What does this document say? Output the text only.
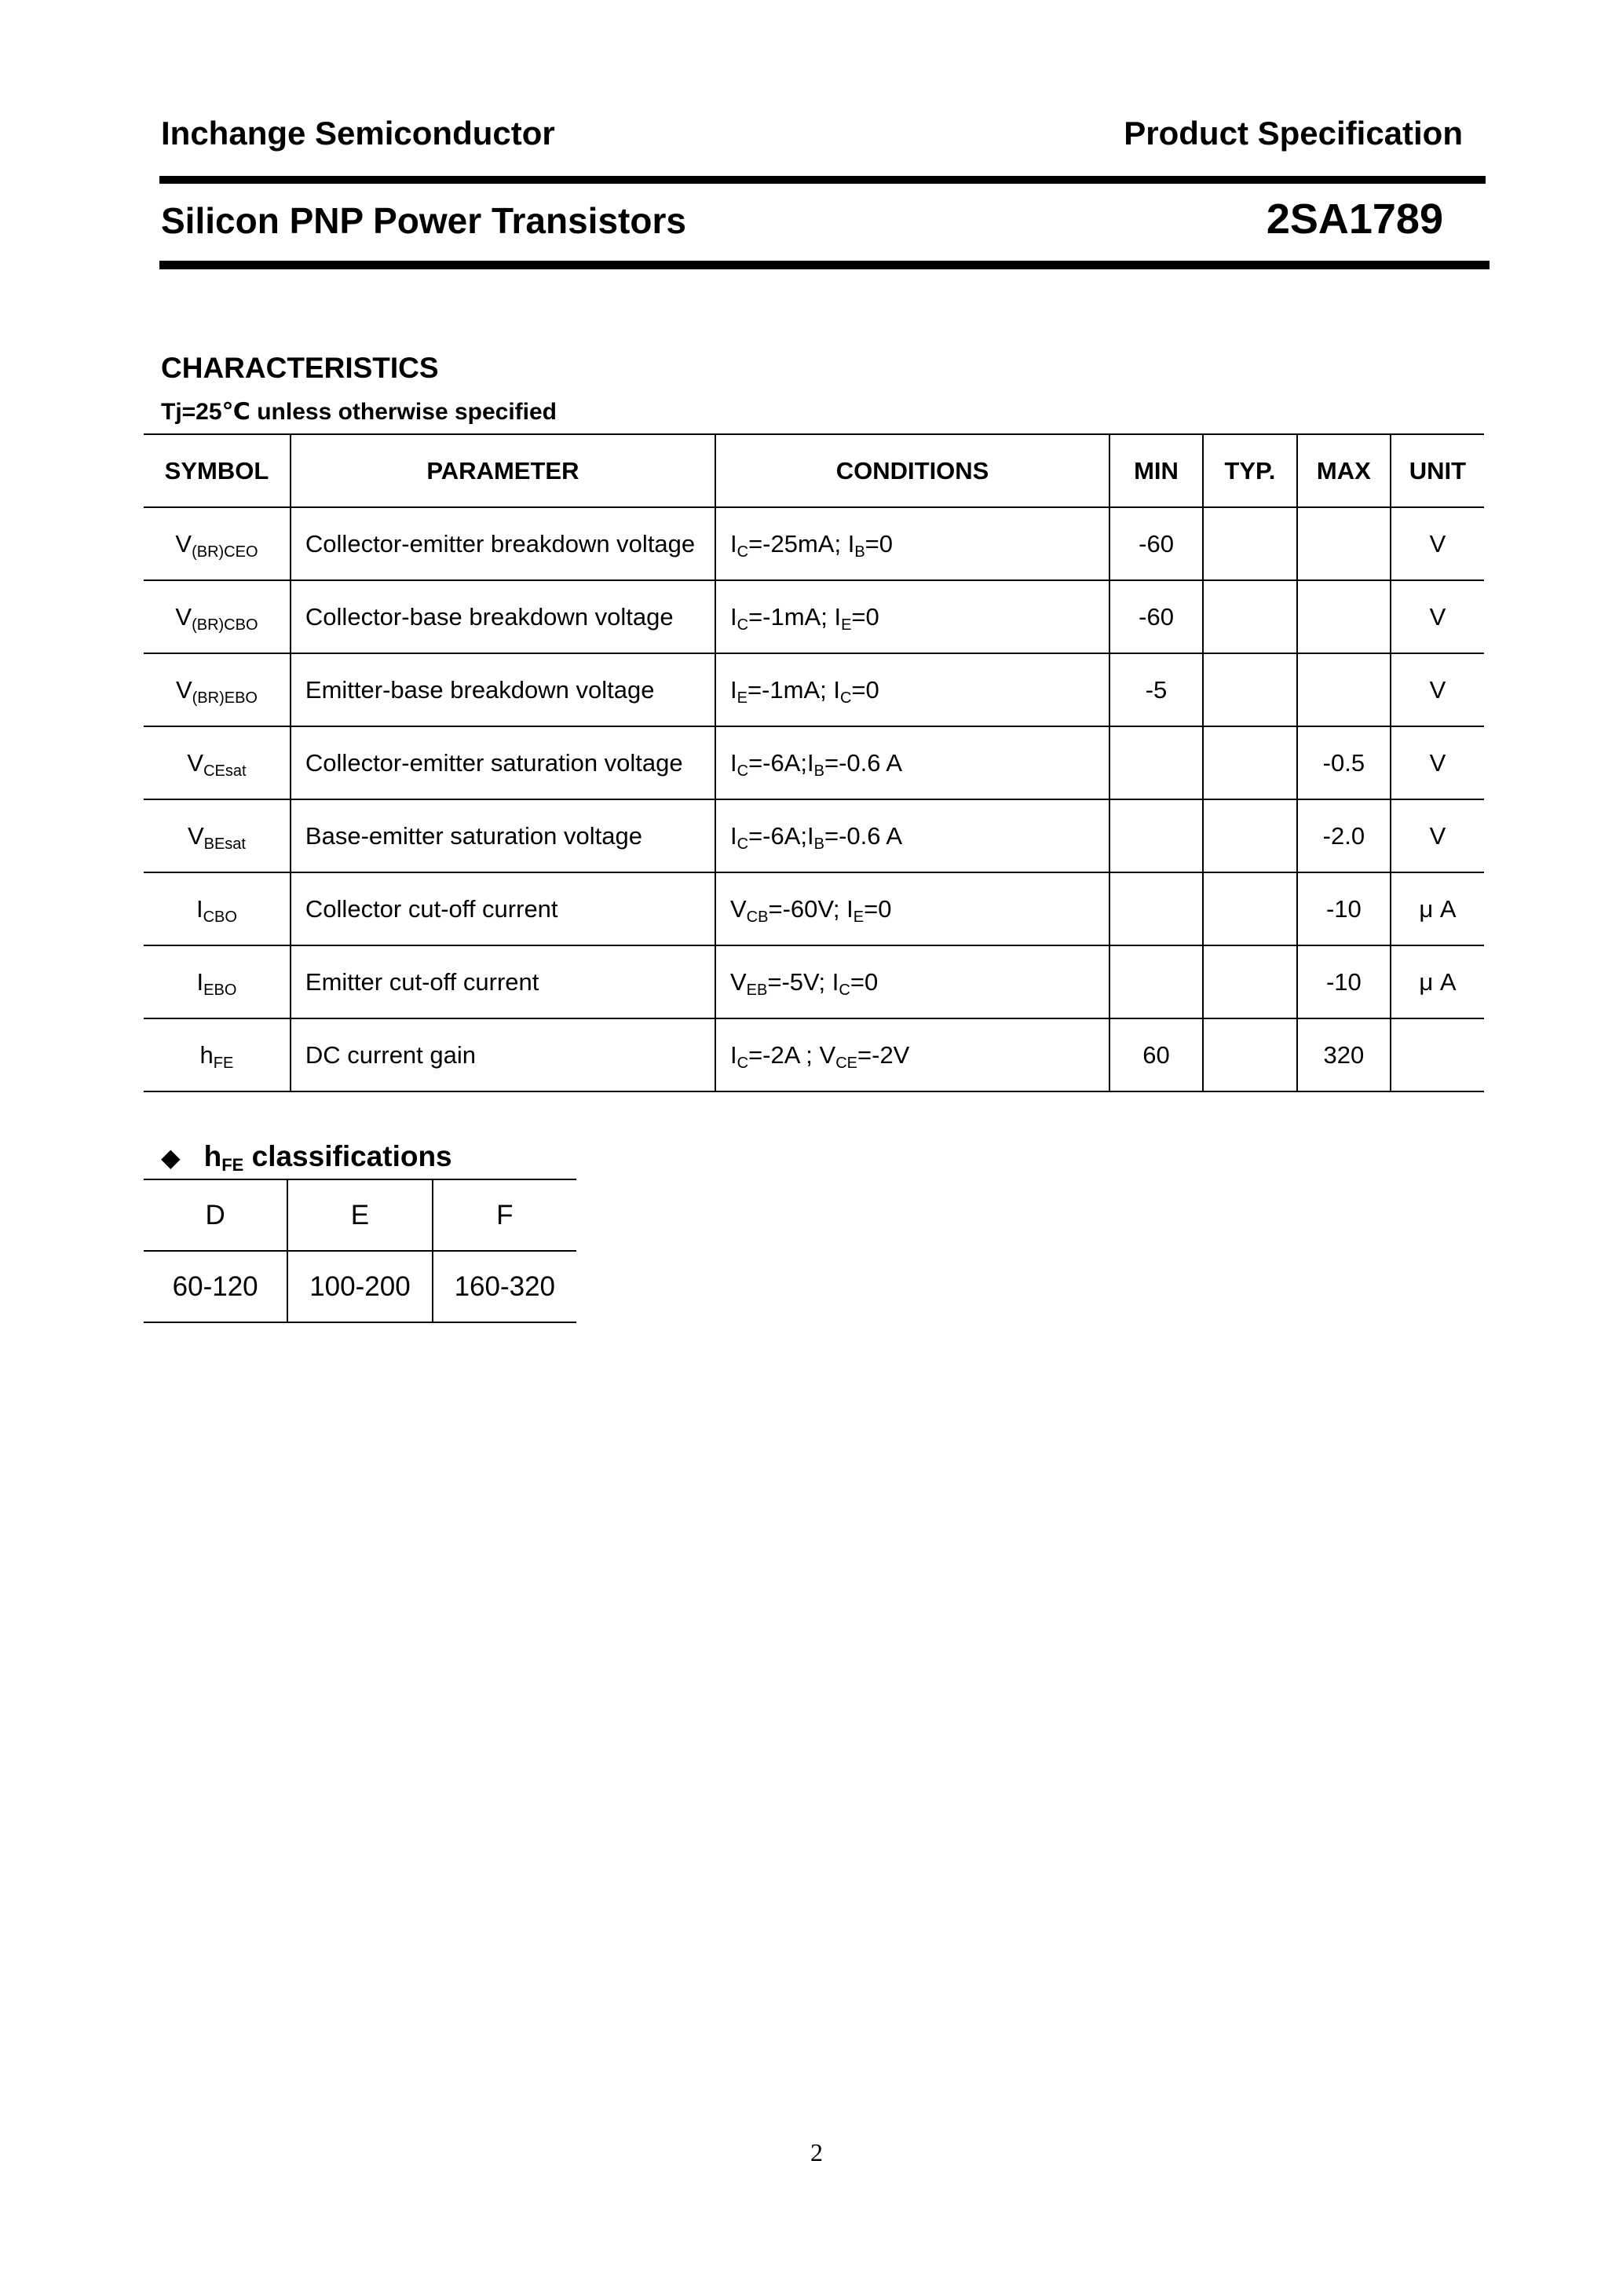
Inchange Semiconductor	Product Specification
Silicon PNP Power Transistors	2SA1789
CHARACTERISTICS
Tj=25℃ unless otherwise specified
SYMBOL	PARAMETER	CONDITIONS	MIN	TYP.	MAX	UNIT
$V_{(BR)CEO}$	Collector-emitter breakdown voltage	$I_C=-25mA$; $I_B=0$	-60			V
$V_{(BR)CBO}$	Collector-base breakdown voltage	$I_C=-1mA$; $I_E=0$	-60			V
$V_{(BR)EBO}$	Emitter-base breakdown voltage	$I_E=-1mA$; $I_C=0$	-5			V
$V_{CEsat}$	Collector-emitter saturation voltage	$I_C=-6A;I_B=-0.6$ A			-0.5	V
$V_{BEsat}$	Base-emitter saturation voltage	$I_C=-6A;I_B=-0.6$ A			-2.0	V
$I_{CBO}$	Collector cut-off current	$V_{CB}=-60V$; $I_E=0$			-10	μ A
$I_{EBO}$	Emitter cut-off current	$V_{EB}=-5V$; $I_C=0$			-10	μ A
$h_{FE}$	DC current gain	$I_C=-2A$ ; $V_{CE}=-2V$	60		320	
◆ $h_{FE}$ classifications
D	E	F
60-120	100-200	160-320
2
